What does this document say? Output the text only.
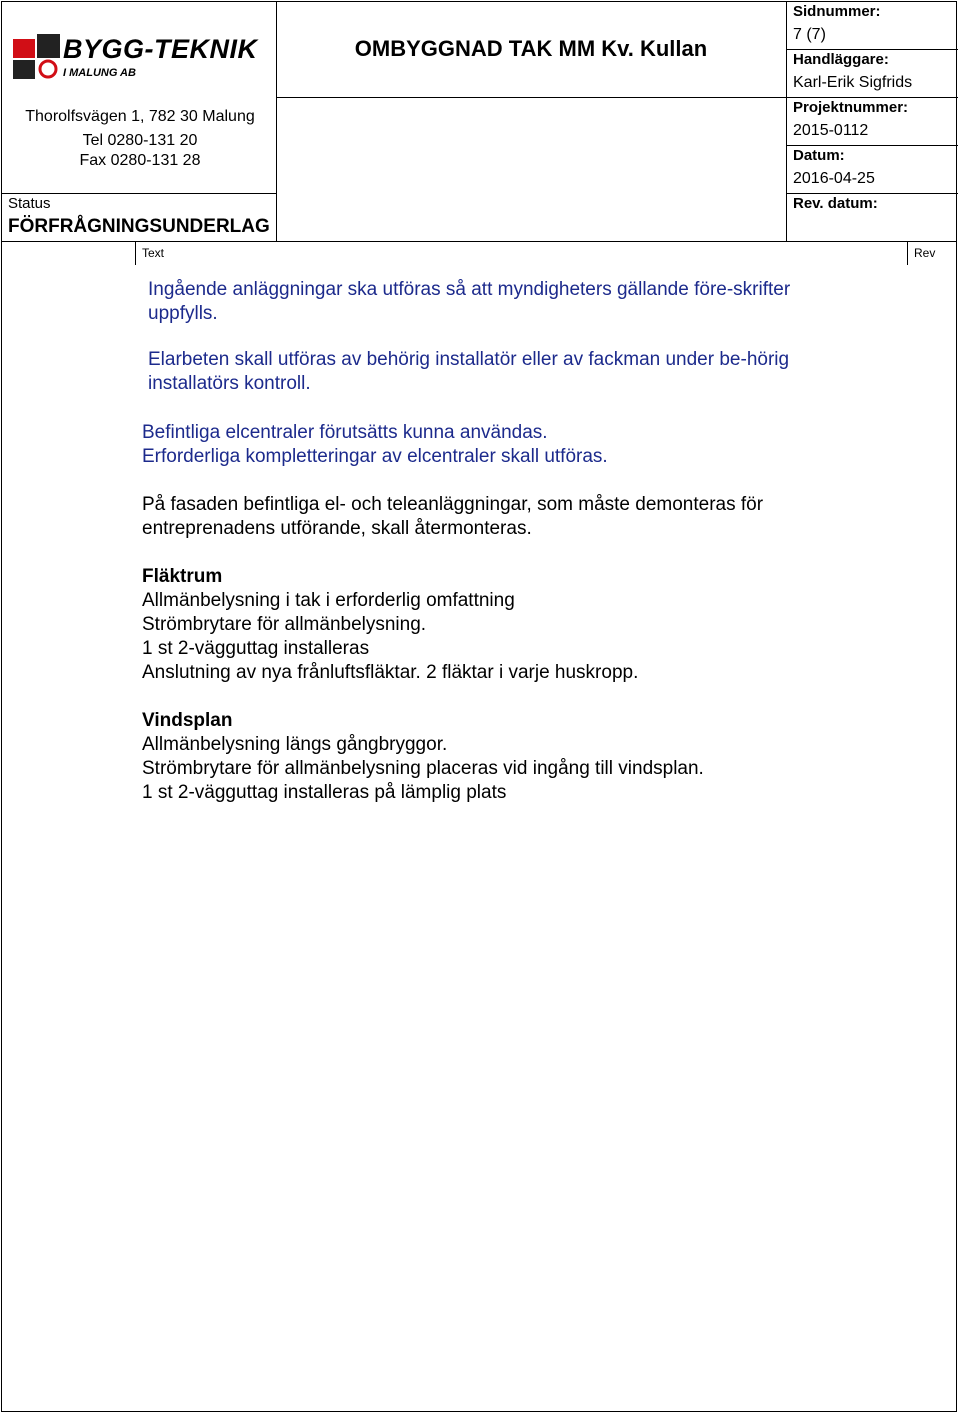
BYGG-TEKNIK
I MALUNG AB
Thorolfsvägen 1, 782 30 Malung
Tel 0280-131 20
Fax 0280-131 28
Status
FÖRFRÅGNINGSUNDERLAG
OMBYGGNAD TAK MM Kv. Kullan
Sidnummer:
7 (7)
Handläggare:
Karl-Erik Sigfrids
Projektnummer:
2015-0112
Datum:
2016-04-25
Rev. datum:
Text	Rev
Ingående anläggningar ska utföras så att myndigheters gällande före-skrifter uppfylls.
Elarbeten skall utföras av behörig installatör eller av fackman under be-hörig installatörs kontroll.
Befintliga elcentraler förutsätts kunna användas.
Erforderliga kompletteringar av elcentraler skall utföras.
På fasaden befintliga el- och teleanläggningar, som måste demonteras för entreprenadens utförande, skall återmonteras.
Fläktrum
Allmänbelysning i tak i erforderlig omfattning
Strömbrytare för allmänbelysning.
1 st 2-vägguttag installeras
Anslutning av nya frånluftsfläktar. 2 fläktar i varje huskropp.
Vindsplan
Allmänbelysning längs gångbryggor.
Strömbrytare för allmänbelysning placeras vid ingång till vindsplan.
1 st 2-vägguttag installeras på lämplig plats
